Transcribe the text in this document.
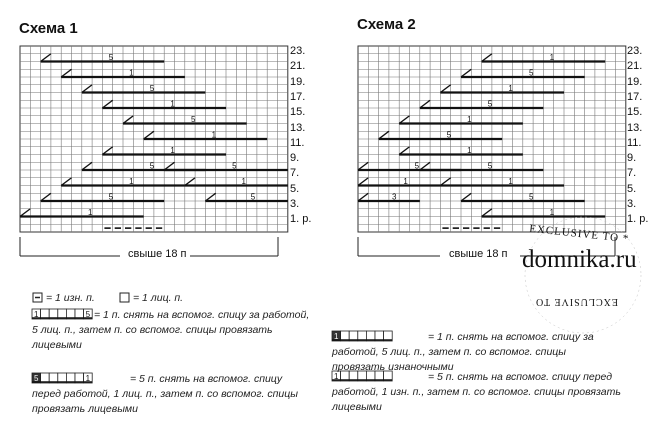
Схема 1
5
1
5
1
5
1
1
5
1
5
1
5
1
5
1
5
1
5
1
5
1
5
1
5
1
5
1
3
1	5
5	1
1
1
23.
21.
19.
17.
15.
13.
11.
9.
7.
5.
3.
1. р.
свыше 18 п
Схема 2
23.
21.
19.
17.
15.
13.
11.
9.
7.
5.
3.
1. р.
свыше 18 п
EXCLUSIVE TO *
domnika.ru
EXCLUSIVE TO
= 1 изн. п.	= 1 лиц. п.
= 1 п. снять на вспомог. спицу за работой, 5 лиц. п., затем п. со вспомог. спицы провязать лицевыми
= 5 п. снять на вспомог. спицу перед работой, 1 лиц. п., затем п. со вспомог. спицы провязать лицевыми
= 1 п. снять на вспомог. спицу за работой, 5 лиц. п., затем п. со вспомог. спицы провязать изнаночными
= 5 п. снять на вспомог. спицу перед работой, 1 изн. п., затем п. со вспомог. спицы провязать лицевыми
